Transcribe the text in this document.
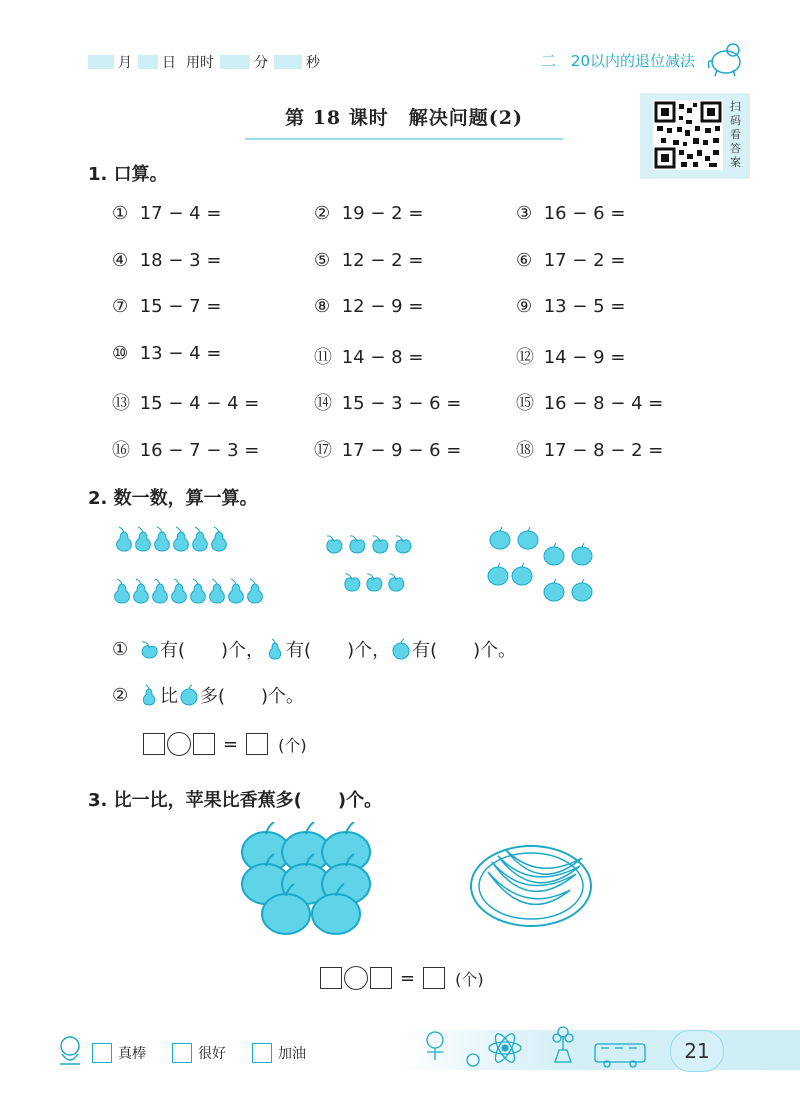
月 日 用时	分	秒	二　20以内的退位减法
第 18 课时　解决问题(2)
扫码看答案
1. 口算。
① 17 − 4 =	② 19 − 2 =	③ 16 − 6 =
④ 18 − 3 =	⑤ 12 − 2 =	⑥ 17 − 2 =
⑦ 15 − 7 =	⑧ 12 − 9 =	⑨ 13 − 5 =
⑩ 13 − 4 =	⑪ 14 − 8 =	⑫ 14 − 9 =
⑬ 15 − 4 − 4 =	⑭ 15 − 3 − 6 =	⑮ 16 − 8 − 4 =
⑯ 16 − 7 − 3 =	⑰ 17 − 9 − 6 =	⑱ 17 − 8 − 2 =
2. 数一数，算一算。
①	有(　　)个， 有(　　)个， 有(　　)个。
②	比 多(　　)个。
=	(个)
3. 比一比，苹果比香蕉多(　　)个。
=	(个)
真棒	很好	加油	21
